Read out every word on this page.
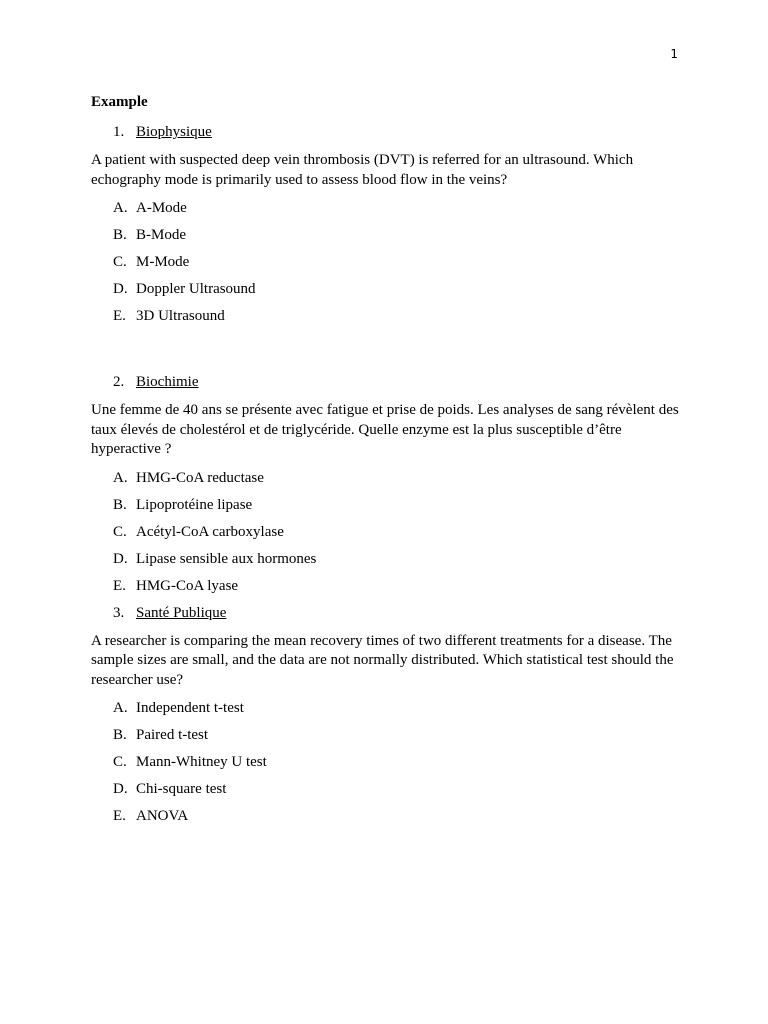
1
Example
1. Biophysique

A patient with suspected deep vein thrombosis (DVT) is referred for an ultrasound. Which echography mode is primarily used to assess blood flow in the veins?

A. A-Mode
B. B-Mode
C. M-Mode
D. Doppler Ultrasound
E. 3D Ultrasound
2. Biochimie

Une femme de 40 ans se présente avec fatigue et prise de poids. Les analyses de sang révèlent des taux élevés de cholestérol et de triglycéride. Quelle enzyme est la plus susceptible d’être hyperactive ?

A. HMG-CoA reductase
B. Lipoprotéine lipase
C. Acétyl-CoA carboxylase
D. Lipase sensible aux hormones
E. HMG-CoA lyase
3. Santé Publique

A researcher is comparing the mean recovery times of two different treatments for a disease. The sample sizes are small, and the data are not normally distributed. Which statistical test should the researcher use?

A. Independent t-test
B. Paired t-test
C. Mann-Whitney U test
D. Chi-square test
E. ANOVA
